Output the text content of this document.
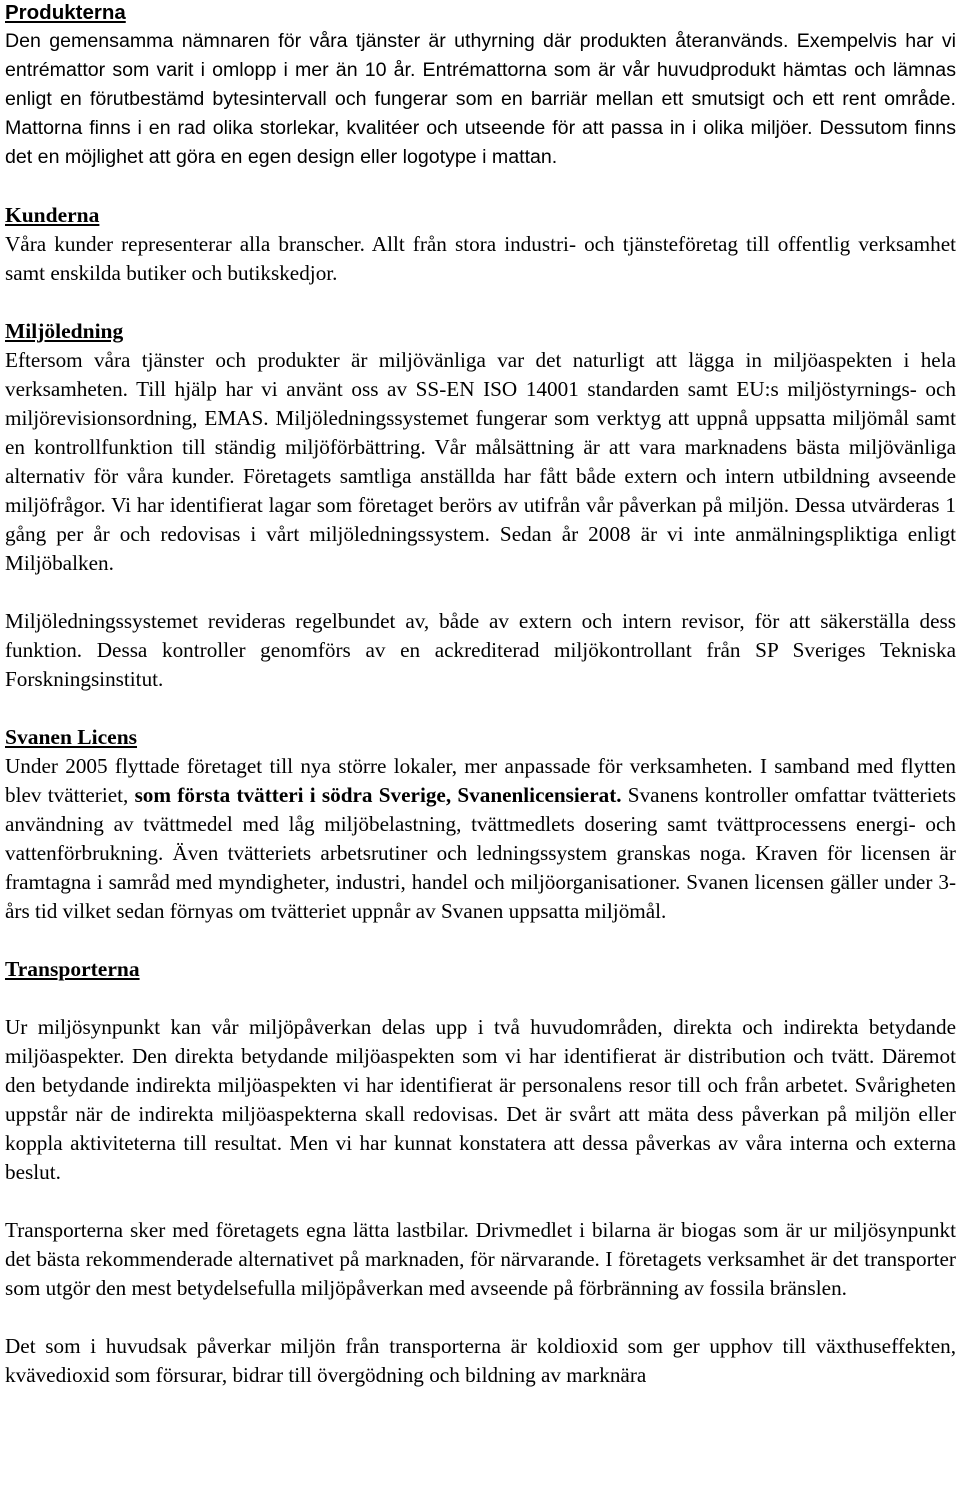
Produkterna

Den gemensamma nämnaren för våra tjänster är uthyrning där produkten återanvänds. Exempelvis har vi entrémattor som varit i omlopp i mer än 10 år. Entrémattorna som är vår huvudprodukt hämtas och lämnas enligt en förutbestämd bytesintervall och fungerar som en barriär mellan ett smutsigt och ett rent område. Mattorna finns i en rad olika storlekar, kvalitéer och utseende för att passa in i olika miljöer. Dessutom finns det en möjlighet att göra en egen design eller logotype i mattan.

Kunderna

Våra kunder representerar alla branscher. Allt från stora industri- och tjänsteföretag till offentlig verksamhet samt enskilda butiker och butikskedjor.

Miljöledning

Eftersom våra tjänster och produkter är miljövänliga var det naturligt att lägga in miljöaspekten i hela verksamheten. Till hjälp har vi använt oss av SS-EN ISO 14001 standarden samt EU:s miljöstyrnings- och miljörevisionsordning, EMAS. Miljöledningssystemet fungerar som verktyg att uppnå uppsatta miljömål samt en kontrollfunktion till ständig miljöförbättring. Vår målsättning är att vara marknadens bästa miljövänliga alternativ för våra kunder. Företagets samtliga anställda har fått både extern och intern utbildning avseende miljöfrågor. Vi har identifierat lagar som företaget berörs av utifrån vår påverkan på miljön. Dessa utvärderas 1 gång per år och redovisas i vårt miljöledningssystem. Sedan år 2008 är vi inte anmälningspliktiga enligt Miljöbalken.

Miljöledningssystemet revideras regelbundet av, både av extern och intern revisor, för att säkerställa dess funktion. Dessa kontroller genomförs av en ackrediterad miljökontrollant från SP Sveriges Tekniska Forskningsinstitut.

Svanen Licens

Under 2005 flyttade företaget till nya större lokaler, mer anpassade för verksamheten. I samband med flytten blev tvätteriet, som första tvätteri i södra Sverige, Svanenlicensierat. Svanens kontroller omfattar tvätteriets användning av tvättmedel med låg miljöbelastning, tvättmedlets dosering samt tvättprocessens energi- och vattenförbrukning. Även tvätteriets arbetsrutiner och ledningssystem granskas noga. Kraven för licensen är framtagna i samråd med myndigheter, industri, handel och miljöorganisationer. Svanen licensen gäller under 3-års tid vilket sedan förnyas om tvätteriet uppnår av Svanen uppsatta miljömål.

Transporterna

Ur miljösynpunkt kan vår miljöpåverkan delas upp i två huvudområden, direkta och indirekta betydande miljöaspekter. Den direkta betydande miljöaspekten som vi har identifierat är distribution och tvätt. Däremot den betydande indirekta miljöaspekten vi har identifierat är personalens resor till och från arbetet. Svårigheten uppstår när de indirekta miljöaspekterna skall redovisas. Det är svårt att mäta dess påverkan på miljön eller koppla aktiviteterna till resultat. Men vi har kunnat konstatera att dessa påverkas av våra interna och externa beslut.

Transporterna sker med företagets egna lätta lastbilar. Drivmedlet i bilarna är biogas som är ur miljösynpunkt det bästa rekommenderade alternativet på marknaden, för närvarande. I företagets verksamhet är det transporter som utgör den mest betydelsefulla miljöpåverkan med avseende på förbränning av fossila bränslen.

Det som i huvudsak påverkar miljön från transporterna är koldioxid som ger upphov till växthuseffekten, kvävedioxid som försurar, bidrar till övergödning och bildning av marknära
